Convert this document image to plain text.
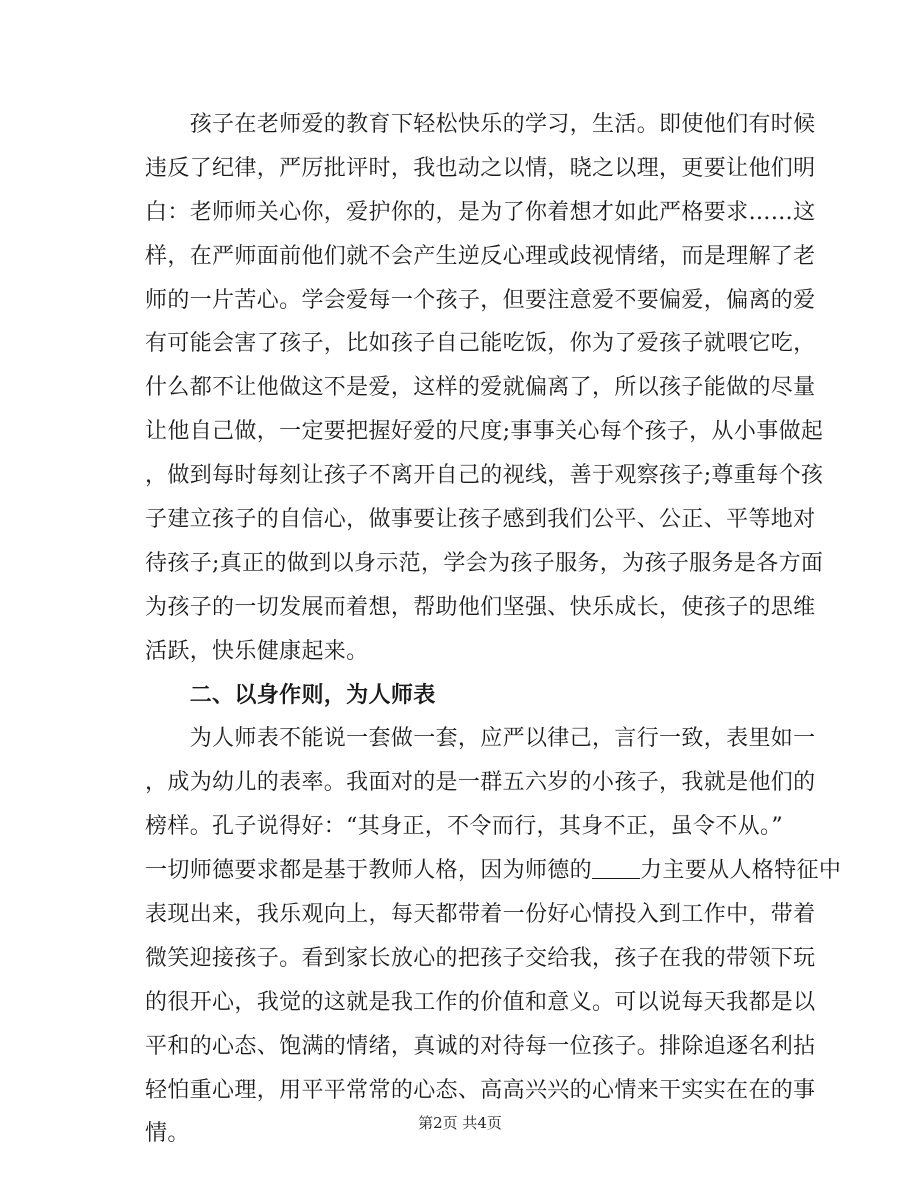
　　孩子在老师爱的教育下轻松快乐的学习，生活。即使他们有时候
违反了纪律，严厉批评时，我也动之以情，晓之以理，更要让他们明
白：老师师关心你，爱护你的，是为了你着想才如此严格要求……这
样，在严师面前他们就不会产生逆反心理或歧视情绪，而是理解了老
师的一片苦心。学会爱每一个孩子，但要注意爱不要偏爱，偏离的爱
有可能会害了孩子，比如孩子自己能吃饭，你为了爱孩子就喂它吃，
什么都不让他做这不是爱，这样的爱就偏离了，所以孩子能做的尽量
让他自己做，一定要把握好爱的尺度;事事关心每个孩子，从小事做起
，做到每时每刻让孩子不离开自己的视线，善于观察孩子;尊重每个孩
子建立孩子的自信心，做事要让孩子感到我们公平、公正、平等地对
待孩子;真正的做到以身示范，学会为孩子服务，为孩子服务是各方面
为孩子的一切发展而着想，帮助他们坚强、快乐成长，使孩子的思维
活跃，快乐健康起来。
　　二、以身作则，为人师表
　　为人师表不能说一套做一套，应严以律己，言行一致，表里如一
，成为幼儿的表率。我面对的是一群五六岁的小孩子，我就是他们的
榜样。孔子说得好：“其身正，不令而行，其身不正，虽令不从。”
一切师德要求都是基于教师人格，因为师德的 力主要从人格特征中
表现出来，我乐观向上，每天都带着一份好心情投入到工作中，带着
微笑迎接孩子。看到家长放心的把孩子交给我，孩子在我的带领下玩
的很开心，我觉的这就是我工作的价值和意义。可以说每天我都是以
平和的心态、饱满的情绪，真诚的对待每一位孩子。排除追逐名利拈
轻怕重心理，用平平常常的心态、高高兴兴的心情来干实实在在的事
情。	第2页 共4页
